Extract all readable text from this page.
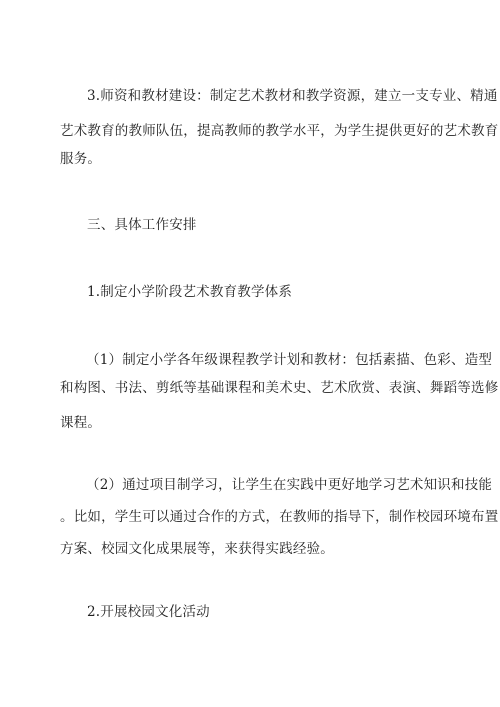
3.师资和教材建设：制定艺术教材和教学资源，建立一支专业、精通
艺术教育的教师队伍，提高教师的教学水平，为学生提供更好的艺术教育
服务。
三、具体工作安排
1.制定小学阶段艺术教育教学体系
（1）制定小学各年级课程教学计划和教材：包括素描、色彩、造型
和构图、书法、剪纸等基础课程和美术史、艺术欣赏、表演、舞蹈等选修
课程。
（2）通过项目制学习，让学生在实践中更好地学习艺术知识和技能
。比如，学生可以通过合作的方式，在教师的指导下，制作校园环境布置
方案、校园文化成果展等，来获得实践经验。
2.开展校园文化活动
